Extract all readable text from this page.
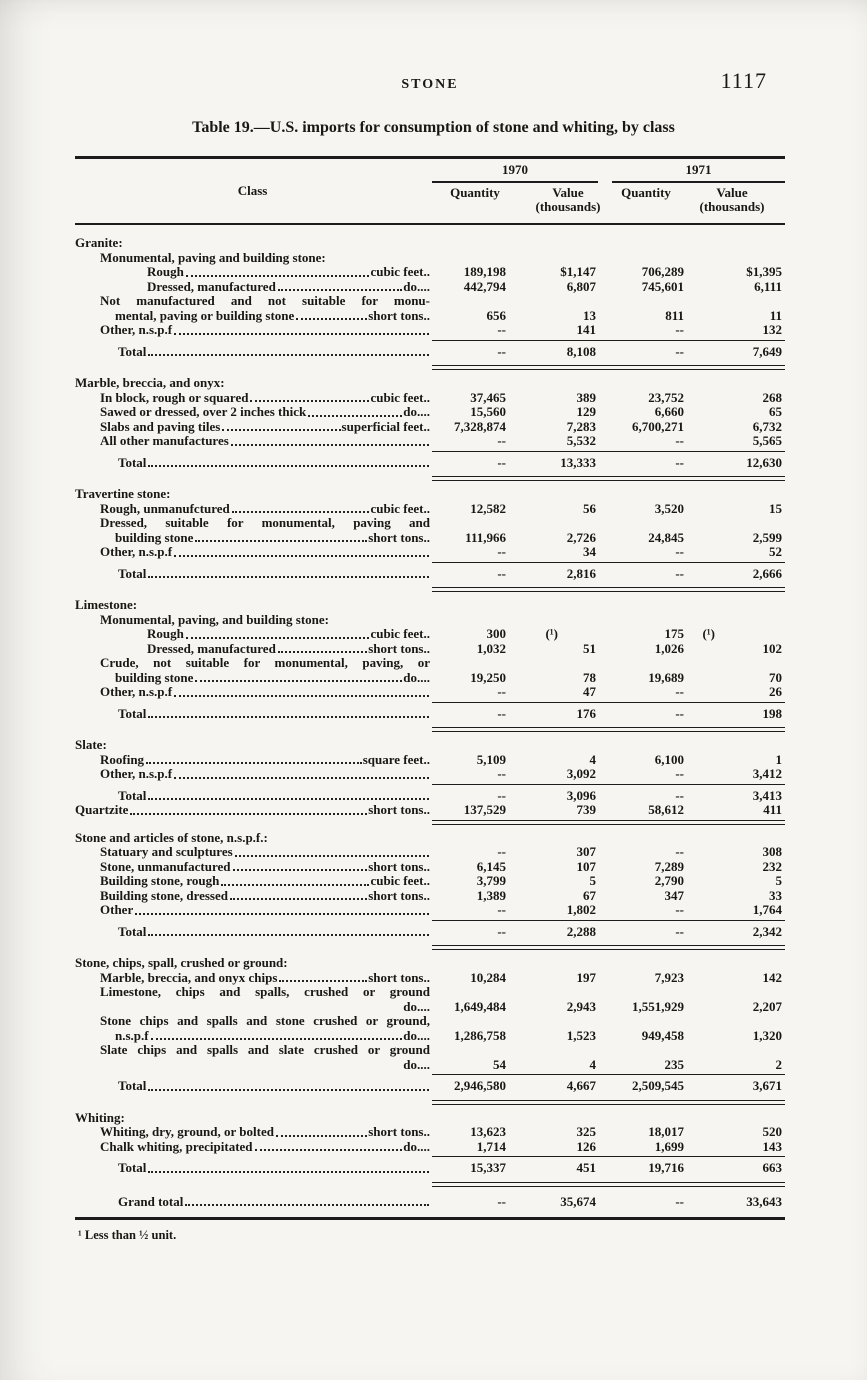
STONE	1117
Table 19.—U.S. imports for consumption of stone and whiting, by class
Class
1970	1971
Quantity	Value
(thousands)
Quantity	Value
(thousands)
Granite:
Monumental, paving and building stone:
Rough	cubic feet..	189,198	$1,147	706,289	$1,395
Dressed, manufactured	do....	442,794	6,807	745,601	6,111
Not manufactured and not suitable for monu-
mental, paving or building stone	short tons..	656	13	811	11
Other, n.s.p.f	--	141	--	132
Total	--	8,108	--	7,649
Marble, breccia, and onyx:
In block, rough or squared	cubic feet..	37,465	389	23,752	268
Sawed or dressed, over 2 inches thick	do....	15,560	129	6,660	65
Slabs and paving tiles	superficial feet..	7,328,874	7,283	6,700,271	6,732
All other manufactures	--	5,532	--	5,565
Total	--	13,333	--	12,630
Travertine stone:
Rough, unmanufctured	cubic feet..	12,582	56	3,520	15
Dressed, suitable for monumental, paving and
building stone	short tons..	111,966	2,726	24,845	2,599
Other, n.s.p.f	--	34	--	52
Total	--	2,816	--	2,666
Limestone:
Monumental, paving, and building stone:
Rough	cubic feet..	300	(¹)	175	(¹)
Dressed, manufactured	short tons..	1,032	51	1,026	102
Crude, not suitable for monumental, paving, or
building stone	do....	19,250	78	19,689	70
Other, n.s.p.f	--	47	--	26
Total	--	176	--	198
Slate:
Roofing	square feet..	5,109	4	6,100	1
Other, n.s.p.f	--	3,092	--	3,412
Total	--	3,096	--	3,413
Quartzite	short tons..	137,529	739	58,612	411
Stone and articles of stone, n.s.p.f.:
Statuary and sculptures	--	307	--	308
Stone, unmanufactured	short tons..	6,145	107	7,289	232
Building stone, rough	cubic feet..	3,799	5	2,790	5
Building stone, dressed	short tons..	1,389	67	347	33
Other	--	1,802	--	1,764
Total	--	2,288	--	2,342
Stone, chips, spall, crushed or ground:
Marble, breccia, and onyx chips	short tons..	10,284	197	7,923	142
Limestone, chips and spalls, crushed or ground
do....	1,649,484	2,943	1,551,929	2,207
Stone chips and spalls and stone crushed or ground,
n.s.p.f	do....	1,286,758	1,523	949,458	1,320
Slate chips and spalls and slate crushed or ground
do....	54	4	235	2
Total	2,946,580	4,667	2,509,545	3,671
Whiting:
Whiting, dry, ground, or bolted	short tons..	13,623	325	18,017	520
Chalk whiting, precipitated	do....	1,714	126	1,699	143
Total	15,337	451	19,716	663
Grand total	--	35,674	--	33,643
¹ Less than ½ unit.
